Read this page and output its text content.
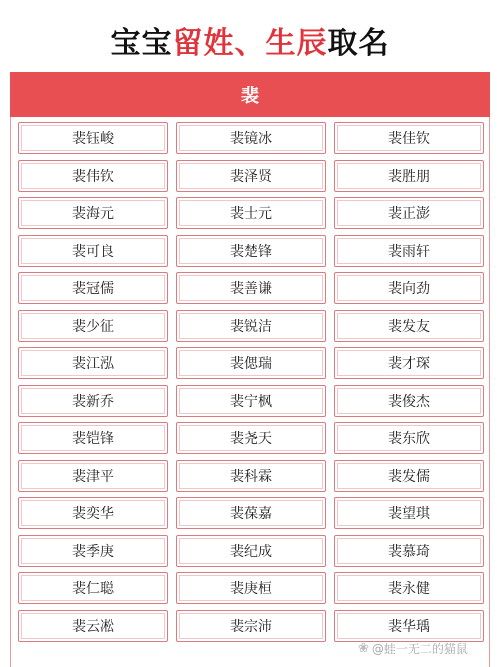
宝宝留姓、生辰取名
裴
裴钰峻	裴镜冰	裴佳钦
裴伟钦	裴泽贤	裴胜朋
裴海元	裴士元	裴正澎
裴可良	裴楚锋	裴雨轩
裴冠儒	裴善谦	裴向劲
裴少征	裴锐洁	裴发友
裴江泓	裴偲瑞	裴才琛
裴新乔	裴宁枫	裴俊杰
裴铠锋	裴尧天	裴东欣
裴津平	裴科霖	裴发儒
裴奕华	裴葆嘉	裴望琪
裴季庚	裴纪成	裴慕琦
裴仁聪	裴庚桓	裴永健
裴云凇	裴宗沛	裴华瑀
❀ @蛙一无二的猫鼠
